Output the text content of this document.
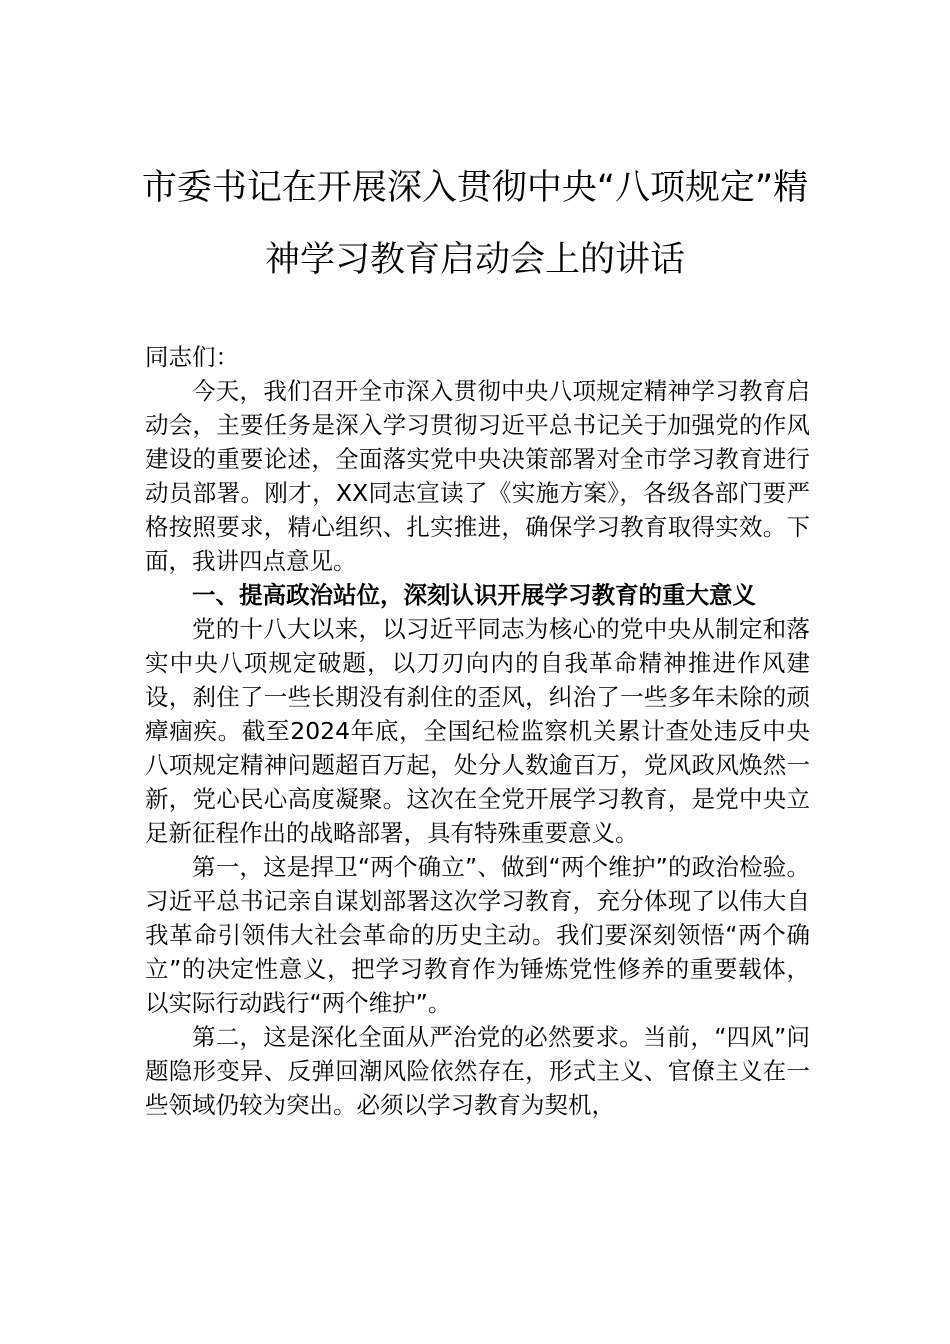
市委书记在开展深入贯彻中央“八项规定”精
神学习教育启动会上的讲话

同志们：

今天，我们召开全市深入贯彻中央八项规定精神学习教育启动会，主要任务是深入学习贯彻习近平总书记关于加强党的作风建设的重要论述，全面落实党中央决策部署对全市学习教育进行动员部署。刚才，XX同志宣读了《实施方案》，各级各部门要严格按照要求，精心组织、扎实推进，确保学习教育取得实效。下面，我讲四点意见。

一、提高政治站位，深刻认识开展学习教育的重大意义

党的十八大以来，以习近平同志为核心的党中央从制定和落实中央八项规定破题，以刀刃向内的自我革命精神推进作风建设，刹住了一些长期没有刹住的歪风，纠治了一些多年未除的顽瘴痼疾。截至2024年底，全国纪检监察机关累计查处违反中央八项规定精神问题超百万起，处分人数逾百万，党风政风焕然一新，党心民心高度凝聚。这次在全党开展学习教育，是党中央立足新征程作出的战略部署，具有特殊重要意义。

第一，这是捍卫“两个确立”、做到“两个维护”的政治检验。习近平总书记亲自谋划部署这次学习教育，充分体现了以伟大自我革命引领伟大社会革命的历史主动。我们要深刻领悟“两个确立”的决定性意义，把学习教育作为锤炼党性修养的重要载体，以实际行动践行“两个维护”。

第二，这是深化全面从严治党的必然要求。当前，“四风”问题隐形变异、反弹回潮风险依然存在，形式主义、官僚主义在一些领域仍较为突出。必须以学习教育为契机，
